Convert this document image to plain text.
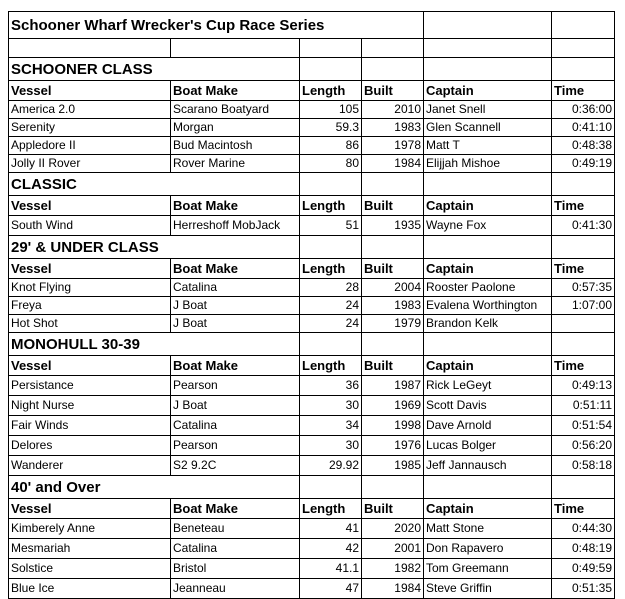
Schooner Wharf Wrecker's Cup Race Series					

SCHOONER CLASS					
Vessel	Boat Make	Length	Built	Captain	Time
America 2.0	Scarano Boatyard	105	2010	Janet Snell	0:36:00
Serenity	Morgan	59.3	1983	Glen Scannell	0:41:10
Appledore II	Bud Macintosh	86	1978	Matt T	0:48:38
Jolly II Rover	Rover Marine	80	1984	Elijjah Mishoe	0:49:19
CLASSIC					
Vessel	Boat Make	Length	Built	Captain	Time
South Wind	Herreshoff MobJack	51	1935	Wayne Fox	0:41:30
29' & UNDER CLASS					
Vessel	Boat Make	Length	Built	Captain	Time
Knot Flying	Catalina	28	2004	Rooster Paolone	0:57:35
Freya	J Boat	24	1983	Evalena Worthington	1:07:00
Hot Shot	J Boat	24	1979	Brandon Kelk	
MONOHULL 30-39					
Vessel	Boat Make	Length	Built	Captain	Time
Persistance	Pearson	36	1987	Rick LeGeyt	0:49:13
Night Nurse	J Boat	30	1969	Scott Davis	0:51:11
Fair Winds	Catalina	34	1998	Dave Arnold	0:51:54
Delores	Pearson	30	1976	Lucas Bolger	0:56:20
Wanderer	S2 9.2C	29.92	1985	Jeff Jannausch	0:58:18
40' and Over					
Vessel	Boat Make	Length	Built	Captain	Time
Kimberely Anne	Beneteau	41	2020	Matt Stone	0:44:30
Mesmariah	Catalina	42	2001	Don Rapavero	0:48:19
Solstice	Bristol	41.1	1982	Tom Greemann	0:49:59
Blue Ice	Jeanneau	47	1984	Steve Griffin	0:51:35
